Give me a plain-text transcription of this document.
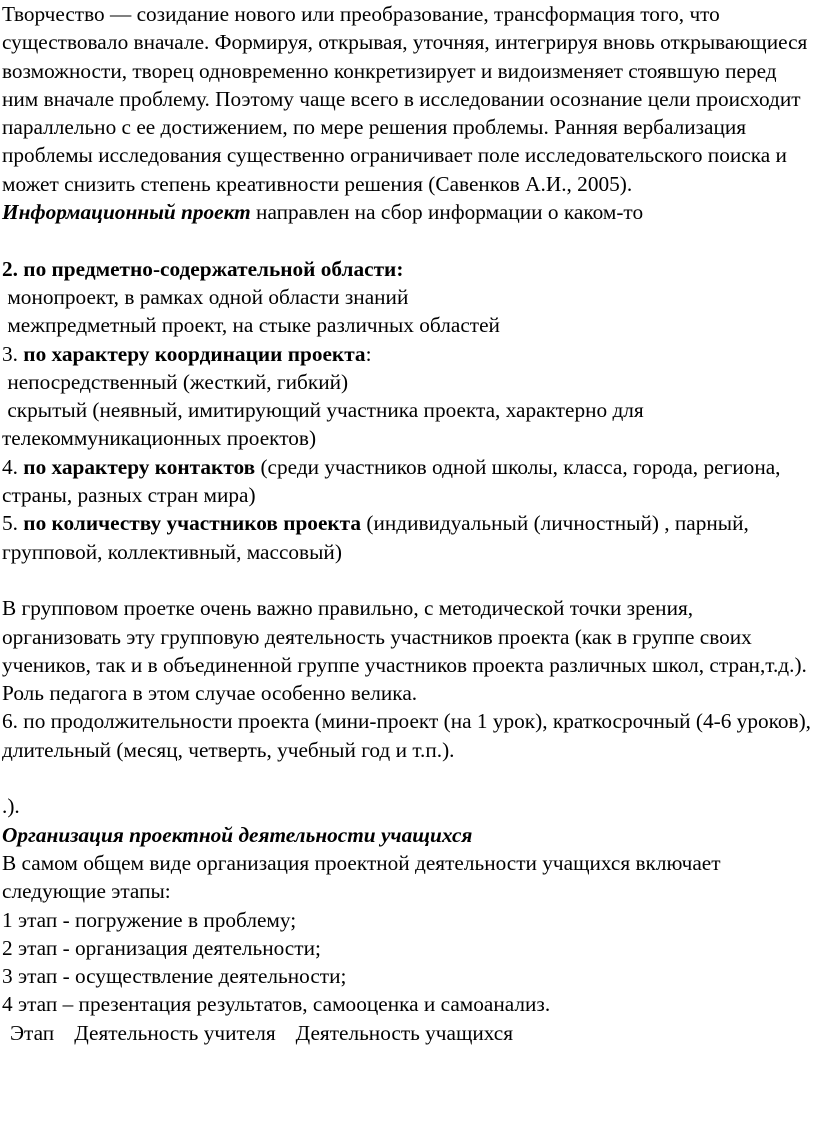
Творчество — созидание нового или преобразование, трансформация того, что существовало вначале. Формируя, открывая, уточняя, интегрируя вновь открывающиеся возможности, творец одновременно конкретизирует и видоизменяет стоявшую перед ним вначале проблему. Поэтому чаще всего в исследовании осознание цели происходит параллельно с ее достижением, по мере решения проблемы. Ранняя вербализация проблемы исследования существенно ограничивает поле исследовательского поиска и может снизить степень креативности решения (Савенков А.И., 2005).

Информационный проект направлен на сбор информации о каком-то

2. по предметно-содержательной области:

монопроект, в рамках одной области знаний

межпредметный проект, на стыке различных областей

3. по характеру координации проекта:

непосредственный (жесткий, гибкий)

скрытый (неявный, имитирующий участника проекта, характерно для телекоммуникационных проектов)

4. по характеру контактов (среди участников одной школы, класса, города, региона, страны, разных стран мира)

5. по количеству участников проекта (индивидуальный (личностный) , парный, групповой, коллективный, массовый)

В групповом проетке очень важно правильно, с методической точки зрения, организовать эту групповую деятельность участников проекта (как в группе своих учеников, так и в объединенной группе участников проекта различных школ, стран,т.д.). Роль педагога в этом случае особенно велика.

6. по продолжительности проекта (мини-проект (на 1 урок), краткосрочный (4-6 уроков), длительный (месяц, четверть, учебный год и т.п.).

.).

Организация проектной деятельности учащихся

В самом общем виде организация проектной деятельности учащихся включает следующие этапы:

1 этап - погружение в проблему;

2 этап - организация деятельности;

3 этап - осуществление деятельности;

4 этап – презентация результатов, самооценка и самоанализ.

Этап Деятельность учителя Деятельность учащихся
